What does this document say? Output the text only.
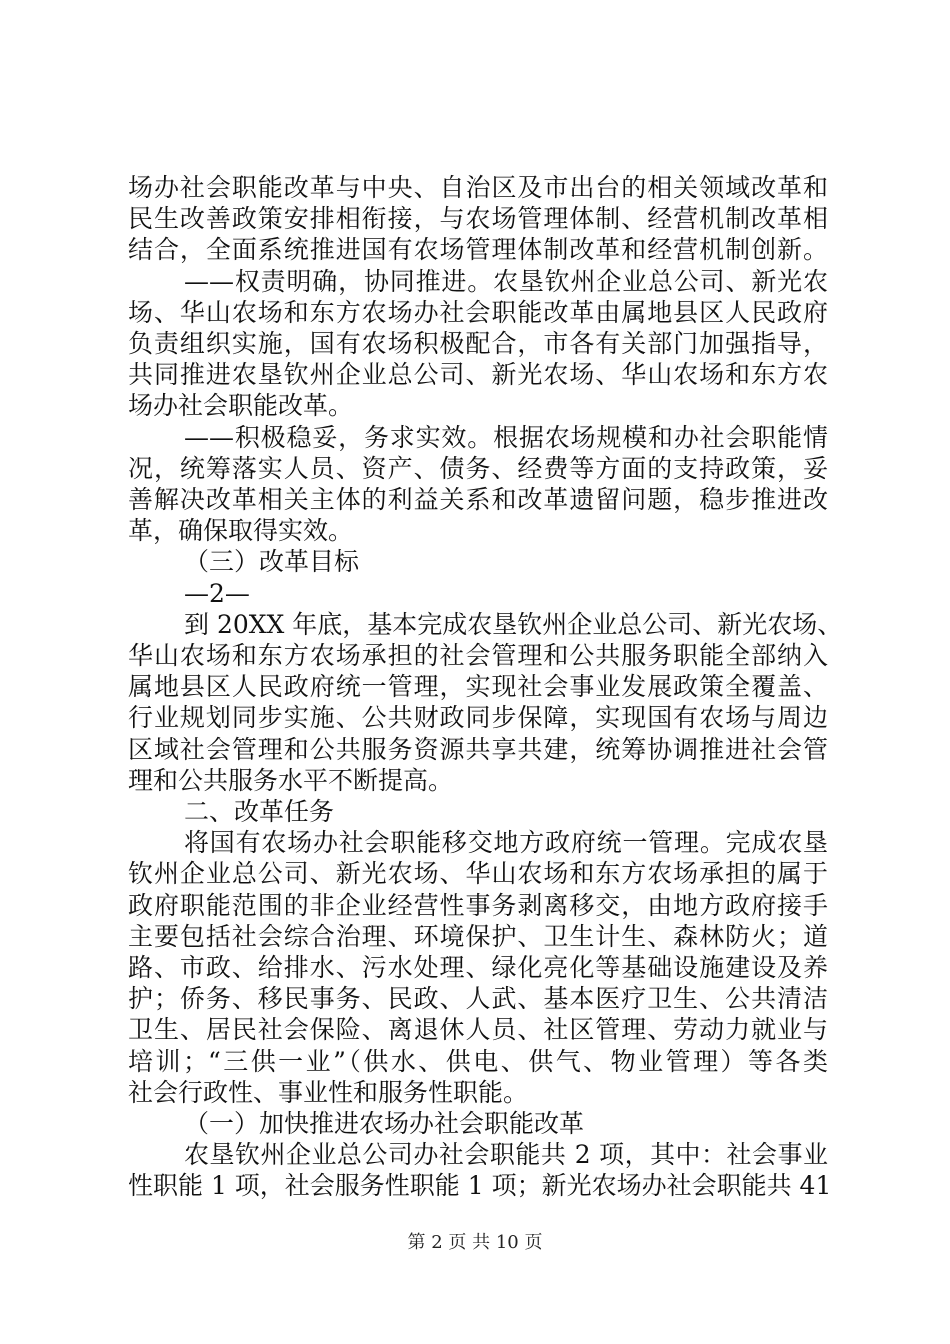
场办社会职能改革与中央、自治区及市出台的相关领域改革和
民生改善政策安排相衔接，与农场管理体制、经营机制改革相
结合，全面系统推进国有农场管理体制改革和经营机制创新。
——权责明确，协同推进。农垦钦州企业总公司、新光农
场、华山农场和东方农场办社会职能改革由属地县区人民政府
负责组织实施，国有农场积极配合，市各有关部门加强指导，
共同推进农垦钦州企业总公司、新光农场、华山农场和东方农
场办社会职能改革。
——积极稳妥，务求实效。根据农场规模和办社会职能情
况，统筹落实人员、资产、债务、经费等方面的支持政策，妥
善解决改革相关主体的利益关系和改革遗留问题，稳步推进改
革，确保取得实效。
（三）改革目标
—2—
到 20XX 年底，基本完成农垦钦州企业总公司、新光农场、
华山农场和东方农场承担的社会管理和公共服务职能全部纳入
属地县区人民政府统一管理，实现社会事业发展政策全覆盖、
行业规划同步实施、公共财政同步保障，实现国有农场与周边
区域社会管理和公共服务资源共享共建，统筹协调推进社会管
理和公共服务水平不断提高。
二、改革任务
将国有农场办社会职能移交地方政府统一管理。完成农垦
钦州企业总公司、新光农场、华山农场和东方农场承担的属于
政府职能范围的非企业经营性事务剥离移交，由地方政府接手
主要包括社会综合治理、环境保护、卫生计生、森林防火；道
路、市政、给排水、污水处理、绿化亮化等基础设施建设及养
护；侨务、移民事务、民政、人武、基本医疗卫生、公共清洁
卫生、居民社会保险、离退休人员、社区管理、劳动力就业与
培训；“三供一业”（供水、供电、供气、物业管理）等各类
社会行政性、事业性和服务性职能。
（一）加快推进农场办社会职能改革
农垦钦州企业总公司办社会职能共 2 项，其中：社会事业
性职能 1 项，社会服务性职能 1 项；新光农场办社会职能共 41
第 2 页 共 10 页
